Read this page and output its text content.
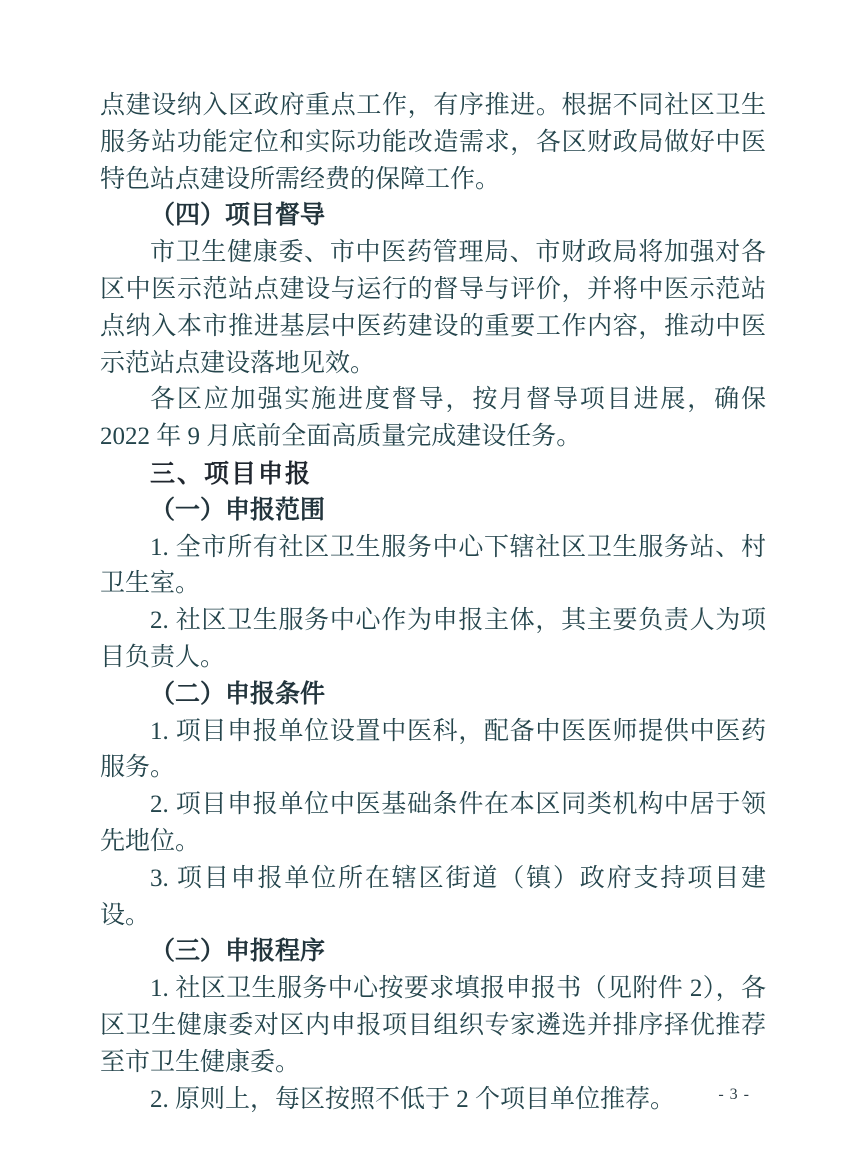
点建设纳入区政府重点工作，有序推进。根据不同社区卫生服务站功能定位和实际功能改造需求，各区财政局做好中医特色站点建设所需经费的保障工作。

（四）项目督导

市卫生健康委、市中医药管理局、市财政局将加强对各区中医示范站点建设与运行的督导与评价，并将中医示范站点纳入本市推进基层中医药建设的重要工作内容，推动中医示范站点建设落地见效。

各区应加强实施进度督导，按月督导项目进展，确保 2022 年 9 月底前全面高质量完成建设任务。

三、项目申报

（一）申报范围

1. 全市所有社区卫生服务中心下辖社区卫生服务站、村卫生室。

2. 社区卫生服务中心作为申报主体，其主要负责人为项目负责人。

（二）申报条件

1. 项目申报单位设置中医科，配备中医医师提供中医药服务。

2. 项目申报单位中医基础条件在本区同类机构中居于领先地位。

3. 项目申报单位所在辖区街道（镇）政府支持项目建设。

（三）申报程序

1. 社区卫生服务中心按要求填报申报书（见附件 2），各区卫生健康委对区内申报项目组织专家遴选并排序择优推荐至市卫生健康委。

2. 原则上，每区按照不低于 2 个项目单位推荐。	- 3 -
